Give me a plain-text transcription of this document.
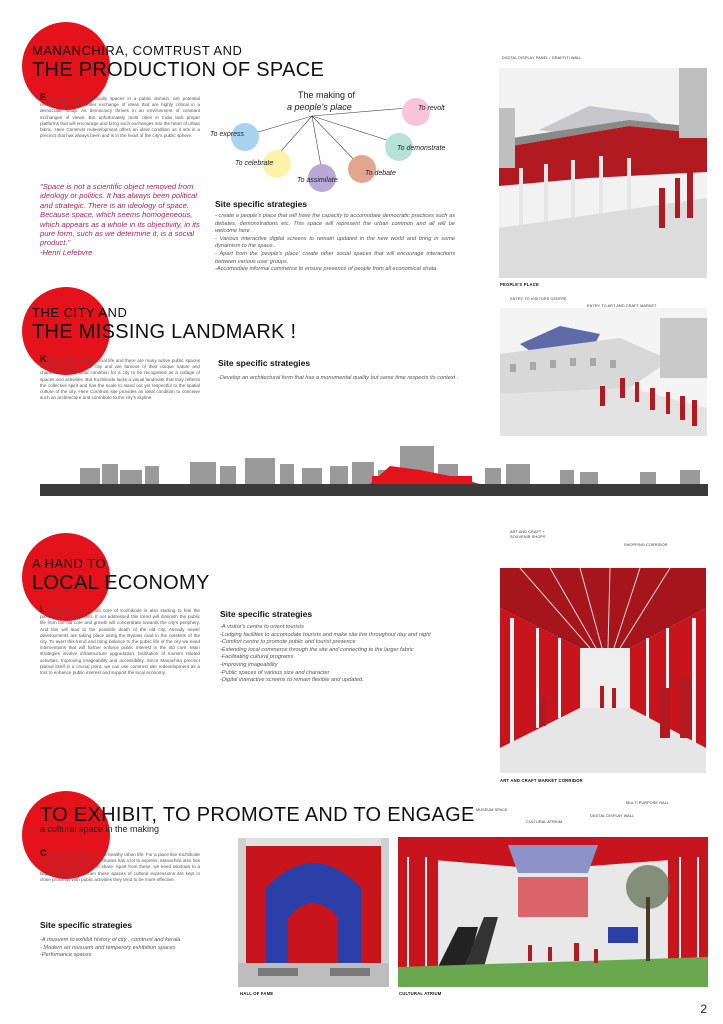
MANANCHIRA, COMTRUST AND
THE PRODUCTION OF SPACE
Every open space, especially spaces in a public domain, are potential resources that offer better exchange of ideas that are highly critical in a democratic setup. As democracy thrives in an environment of constant exchanges of views. But unfortunately most cities in India lack proper platforms that will encourage and bring such exchanges into the heart of urban fabric. Here Comtrust redevelopment offers an ideal condition as it sits in a precinct that has always been and is in the heart of the city's public sphere.
"Space is not a scientific object removed from ideology or politics. It has always been political and strategic. There is an ideology of space. Because space, which seems homogeneous, which appears as a whole in its objectivity, in its pure form, such as we determine it, is a social product."
-Henri Lefebvre
The making of
a people's place
To express
To celebrate
To assimilate
To debate
To demonstrate
To revolt
Site specific strategies
- create a people's place that will have the capacity to accomodate democratic practices such as debates, demonstrations etc. This space will represent the urban common and all will be welcome here .
- Various interactive digital screens to remain updated in the new world and bring in some dynamism to the space..
- Apart from the 'people's place' create other social spaces that will encourage interactions between various user groups.
-Accomodate informal commerce to ensure presence of people from all economical strata.
DIGITAL DISPLAY PANEL / GRAFFITI WALL
PEOPLE'S PLACE
THE CITY AND
THE MISSING LANDMARK !
Kozhikode has a vibrant social life and there are many active public spaces scattered throughout the city and are famous of their unique nature and character. It is an ideal condition for a city to be recognised as a collage of spaces and activities. But Kozhikode lacks a visual landmark that truly reflects the collective spirit and has the scale to stand out yet respectful to the spatial culture of the city. Here Comtrust site provides an ideal condition to conceive such an architecture and contribute to the city's skyline.
Site specific strategies
-Develop an architectural form that has a monumental quality but same time respects its context .
ENTRY TO VISITORS CENTRE
ENTRY TO ART AND CRAFT MARKET
A HAND TO
LOCAL ECONOMY
Local commerce in the old core of Kozhikode is also starting to feel the pressure of development. If not addressed this trend will diminish the public life from the old core and growth will concentrate towards the city's periphery. And this will lead to the possible death of the old city. Already newer developments are taking place along the Bypass road in the outskirts of the city. To avert this trend and bring balance to the public life of the city we need interventions that will further enforce public interest in the old core. Main strategies involve infrastructure upgradation, facilitation of tourism related activities, Improving imageability and accessibility. Since Manachira precinct placed itself in a crucial point, we can use comtrust site redevelopment as a tool to enhance public interest and support the local economy.
Site specific strategies
-A visitor's centre to orient tourists
-Lodging facilities to accomodate tourists and make site live throughout day and night
-Comfort centre to promote public and tourist presence
-Extending local commerce through the site and connecting to the larger fabric
-Facilitating cultural programs
-Improving imageability
-Public spaces of various size and character
-Digital interactive screens to remain flexible and updated.
ART AND CRAFT + SOUVENIR SHOPS
SHOPPING CORRIDOR
ART AND CRAFT MARKET CORRIDOR
TO EXHIBIT, TO PROMOTE AND TO ENGAGE
a cultural space in the making
Cultural spaces are crucial to a healthy urban life. For a place like Kozhikode that has a thriving culture of centuries has a lot to express. Manachira also has a lot of history and stories to share. Apart from these, we need windows to a larger world culture. When these spaces of cultural expressions are kept in close proximity with public activities they tend to be more effective.
Site specific strategies
-A musuem to exhibit history of city , comtrust and kerala
- Modern art musuem and temperory exhibition spaces
-Perfomance spaces
HALL OF FAME
MUSEUM SPACE
CULTURAL ATRIUM
DIGITAL DISPLAY WALL
MULTI PURPOSE HALL
CULTURAL ATRIUM
2
